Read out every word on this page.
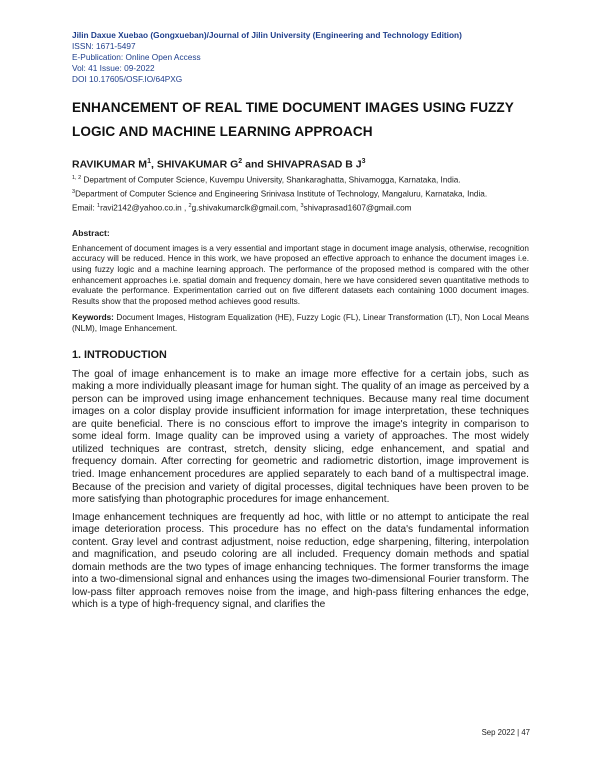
Jilin Daxue Xuebao (Gongxueban)/Journal of Jilin University (Engineering and Technology Edition)
ISSN: 1671-5497
E-Publication: Online Open Access
Vol: 41 Issue: 09-2022
DOI 10.17605/OSF.IO/64PXG
ENHANCEMENT OF REAL TIME DOCUMENT IMAGES USING FUZZY LOGIC AND MACHINE LEARNING APPROACH
RAVIKUMAR $M^1$, SHIVAKUMAR $G^2$ and SHIVAPRASAD B $J^3$
$^{1, 2}$ Department of Computer Science, Kuvempu University, Shankaraghatta, Shivamogga, Karnataka, India.
$^3$Department of Computer Science and Engineering Srinivasa Institute of Technology, Mangaluru, Karnataka, India.
Email: $^1$ravi2142@yahoo.co.in , $^2$g.shivakumarclk@gmail.com, $^3$shivaprasad1607@gmail.com
Abstract:
Enhancement of document images is a very essential and important stage in document image analysis, otherwise, recognition accuracy will be reduced. Hence in this work, we have proposed an effective approach to enhance the document images i.e. using fuzzy logic and a machine learning approach. The performance of the proposed method is compared with the other enhancement approaches i.e. spatial domain and frequency domain, here we have considered seven quantitative methods to evaluate the performance. Experimentation carried out on five different datasets each containing 1000 document images. Results show that the proposed method achieves good results.
Keywords: Document Images, Histogram Equalization (HE), Fuzzy Logic (FL), Linear Transformation (LT), Non Local Means (NLM), Image Enhancement.
1. INTRODUCTION
The goal of image enhancement is to make an image more effective for a certain jobs, such as making a more individually pleasant image for human sight. The quality of an image as perceived by a person can be improved using image enhancement techniques. Because many real time document images on a color display provide insufficient information for image interpretation, these techniques are quite beneficial. There is no conscious effort to improve the image's integrity in comparison to some ideal form. Image quality can be improved using a variety of approaches. The most widely utilized techniques are contrast, stretch, density slicing, edge enhancement, and spatial and frequency domain. After correcting for geometric and radiometric distortion, image improvement is tried. Image enhancement procedures are applied separately to each band of a multispectral image. Because of the precision and variety of digital processes, digital techniques have been proven to be more satisfying than photographic procedures for image enhancement.
Image enhancement techniques are frequently ad hoc, with little or no attempt to anticipate the real image deterioration process. This procedure has no effect on the data's fundamental information content. Gray level and contrast adjustment, noise reduction, edge sharpening, filtering, interpolation and magnification, and pseudo coloring are all included. Frequency domain methods and spatial domain methods are the two types of image enhancing techniques. The former transforms the image into a two-dimensional signal and enhances using the images two-dimensional Fourier transform. The low-pass filter approach removes noise from the image, and high-pass filtering enhances the edge, which is a type of high-frequency signal, and clarifies the
Sep 2022 | 47
